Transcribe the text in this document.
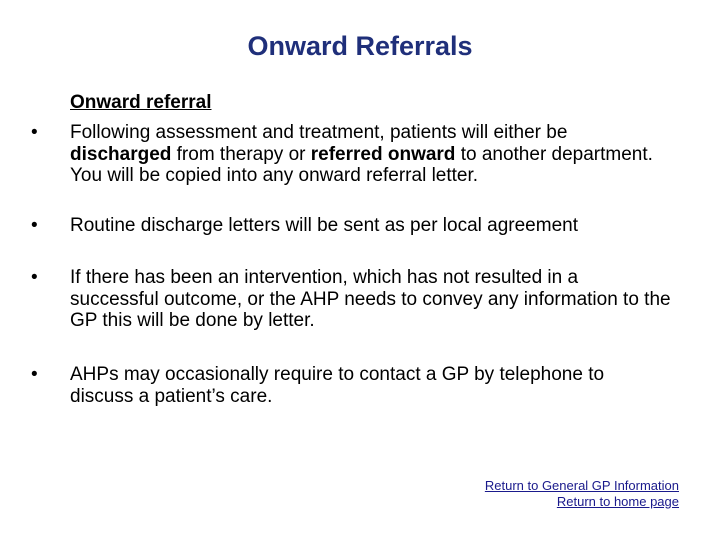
Onward Referrals
Onward referral
•	Following assessment and treatment, patients will either be discharged from therapy or referred onward to another department. You will be copied into any onward referral letter.
•	Routine discharge letters will be sent as per local agreement
•	If there has been an intervention, which has not resulted in a successful outcome, or the AHP needs to convey any information to the GP this will be done by letter.
•	AHPs may occasionally require to contact a GP by telephone to discuss a patient’s care.
Return to General GP Information
Return to home page
